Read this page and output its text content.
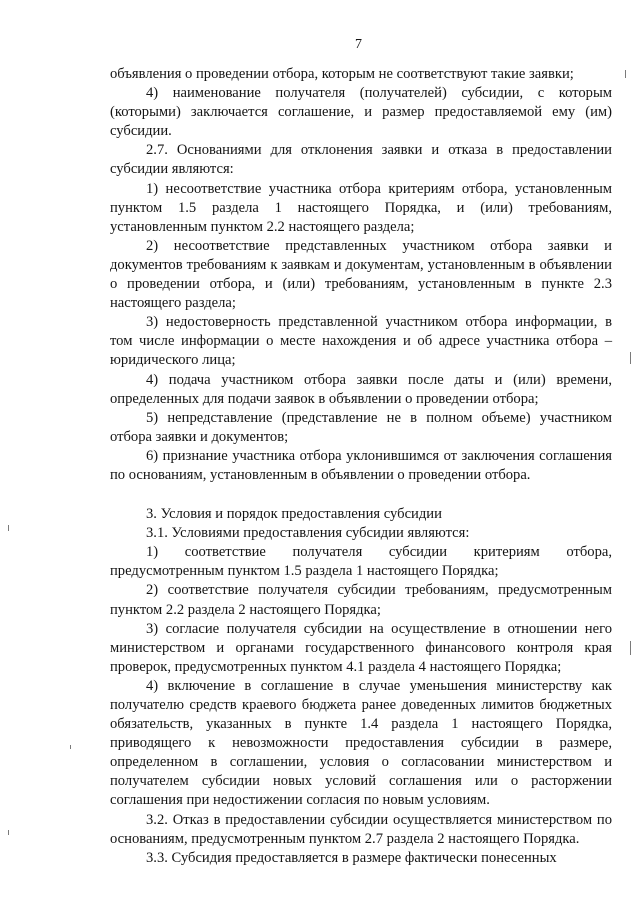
7

объявления о проведении отбора, которым не соответствуют такие заявки;

4) наименование получателя (получателей) субсидии, с которым (которыми) заключается соглашение, и размер предоставляемой ему (им) субсидии.

2.7. Основаниями для отклонения заявки и отказа в предоставлении субсидии являются:

1) несоответствие участника отбора критериям отбора, установленным пунктом 1.5 раздела 1 настоящего Порядка, и (или) требованиям, установленным пунктом 2.2 настоящего раздела;

2) несоответствие представленных участником отбора заявки и документов требованиям к заявкам и документам, установленным в объявлении о проведении отбора, и (или) требованиям, установленным в пункте 2.3 настоящего раздела;

3) недостоверность представленной участником отбора информации, в том числе информации о месте нахождения и об адресе участника отбора – юридического лица;

4) подача участником отбора заявки после даты и (или) времени, определенных для подачи заявок в объявлении о проведении отбора;

5) непредставление (представление не в полном объеме) участником отбора заявки и документов;

6) признание участника отбора уклонившимся от заключения соглашения по основаниям, установленным в объявлении о проведении отбора.

3. Условия и порядок предоставления субсидии

3.1. Условиями предоставления субсидии являются:

1) соответствие получателя субсидии критериям отбора, предусмотренным пунктом 1.5 раздела 1 настоящего Порядка;

2) соответствие получателя субсидии требованиям, предусмотренным пунктом 2.2 раздела 2 настоящего Порядка;

3) согласие получателя субсидии на осуществление в отношении него министерством и органами государственного финансового контроля края проверок, предусмотренных пунктом 4.1 раздела 4 настоящего Порядка;

4) включение в соглашение в случае уменьшения министерству как получателю средств краевого бюджета ранее доведенных лимитов бюджетных обязательств, указанных в пункте 1.4 раздела 1 настоящего Порядка, приводящего к невозможности предоставления субсидии в размере, определенном в соглашении, условия о согласовании министерством и получателем субсидии новых условий соглашения или о расторжении соглашения при недостижении согласия по новым условиям.

3.2. Отказ в предоставлении субсидии осуществляется министерством по основаниям, предусмотренным пунктом 2.7 раздела 2 настоящего Порядка.

3.3. Субсидия предоставляется в размере фактически понесенных
